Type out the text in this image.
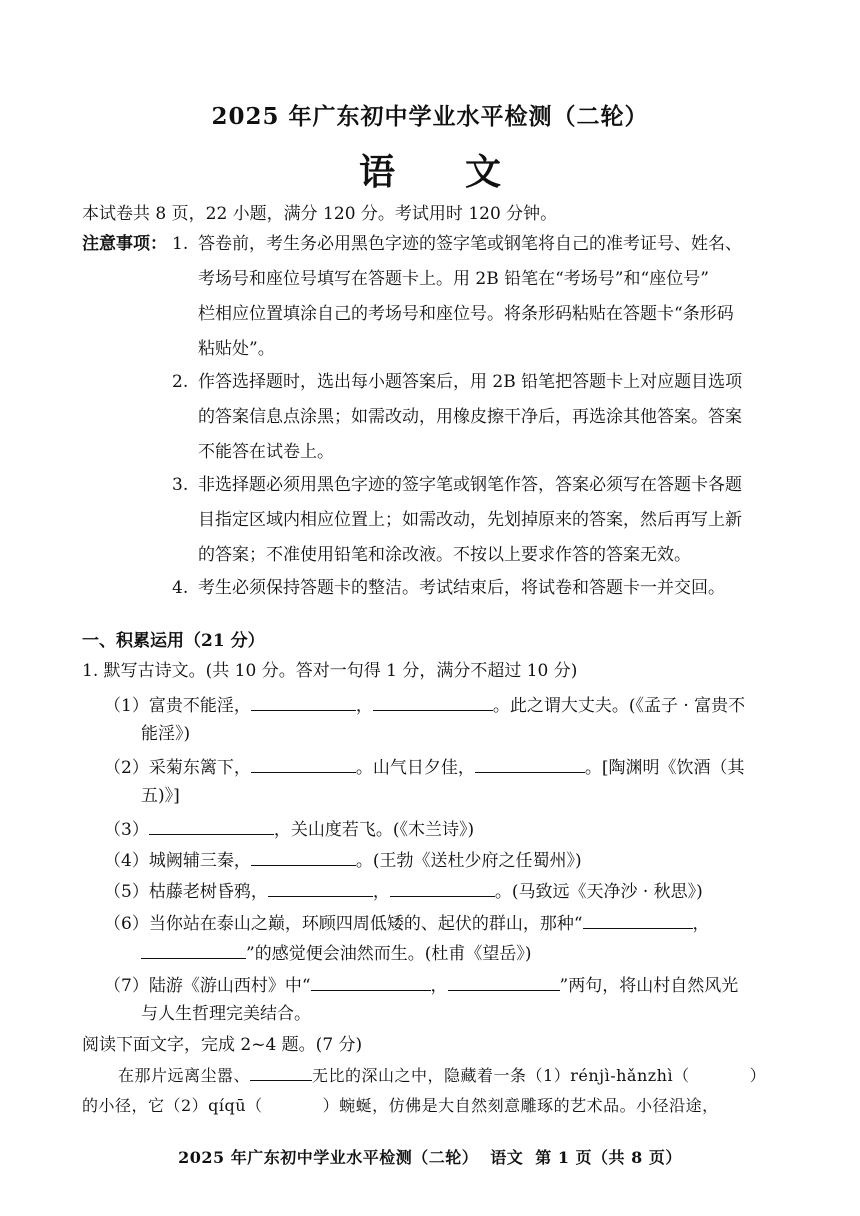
2025 年广东初中学业水平检测（二轮）
语文
本试卷共 8 页，22 小题，满分 120 分。考试用时 120 分钟。
注意事项： 1. 答卷前，考生务必用黑色字迹的签字笔或钢笔将自己的准考证号、姓名、
考场号和座位号填写在答题卡上。用 2B 铅笔在“考场号”和“座位号”
栏相应位置填涂自己的考场号和座位号。将条形码粘贴在答题卡“条形码
粘贴处”。
2. 作答选择题时，选出每小题答案后，用 2B 铅笔把答题卡上对应题目选项
的答案信息点涂黑；如需改动，用橡皮擦干净后，再选涂其他答案。答案
不能答在试卷上。
3. 非选择题必须用黑色字迹的签字笔或钢笔作答，答案必须写在答题卡各题
目指定区域内相应位置上；如需改动，先划掉原来的答案，然后再写上新
的答案；不准使用铅笔和涂改液。不按以上要求作答的答案无效。
4. 考生必须保持答题卡的整洁。考试结束后，将试卷和答题卡一并交回。
一、积累运用（21 分）
1. 默写古诗文。(共 10 分。答对一句得 1 分，满分不超过 10 分)
（1）富贵不能淫，	，	。此之谓大丈夫。(《孟子 · 富贵不
能淫》)
（2）采菊东篱下，	。山气日夕佳，	。[陶渊明《饮酒（其
五)》]
（3）	，关山度若飞。(《木兰诗》)
（4）城阙辅三秦，	。(王勃《送杜少府之任蜀州》)
（5）枯藤老树昏鸦，	，	。(马致远《天净沙 · 秋思》)
（6）当你站在泰山之巅，环顾四周低矮的、起伏的群山，那种“	，
”的感觉便会油然而生。(杜甫《望岳》)
（7）陆游《游山西村》中“	，	”两句，将山村自然风光
与人生哲理完美结合。
阅读下面文字，完成 2~4 题。(7 分)
在那片远离尘嚣、	无比的深山之中，隐藏着一条（1）rénjì-hǎnzhì（	）
的小径，它（2）qíqū（	）蜿蜒，仿佛是大自然刻意雕琢的艺术品。小径沿途，
2025 年广东初中学业水平检测（二轮） 语文 第 1 页（共 8 页）
